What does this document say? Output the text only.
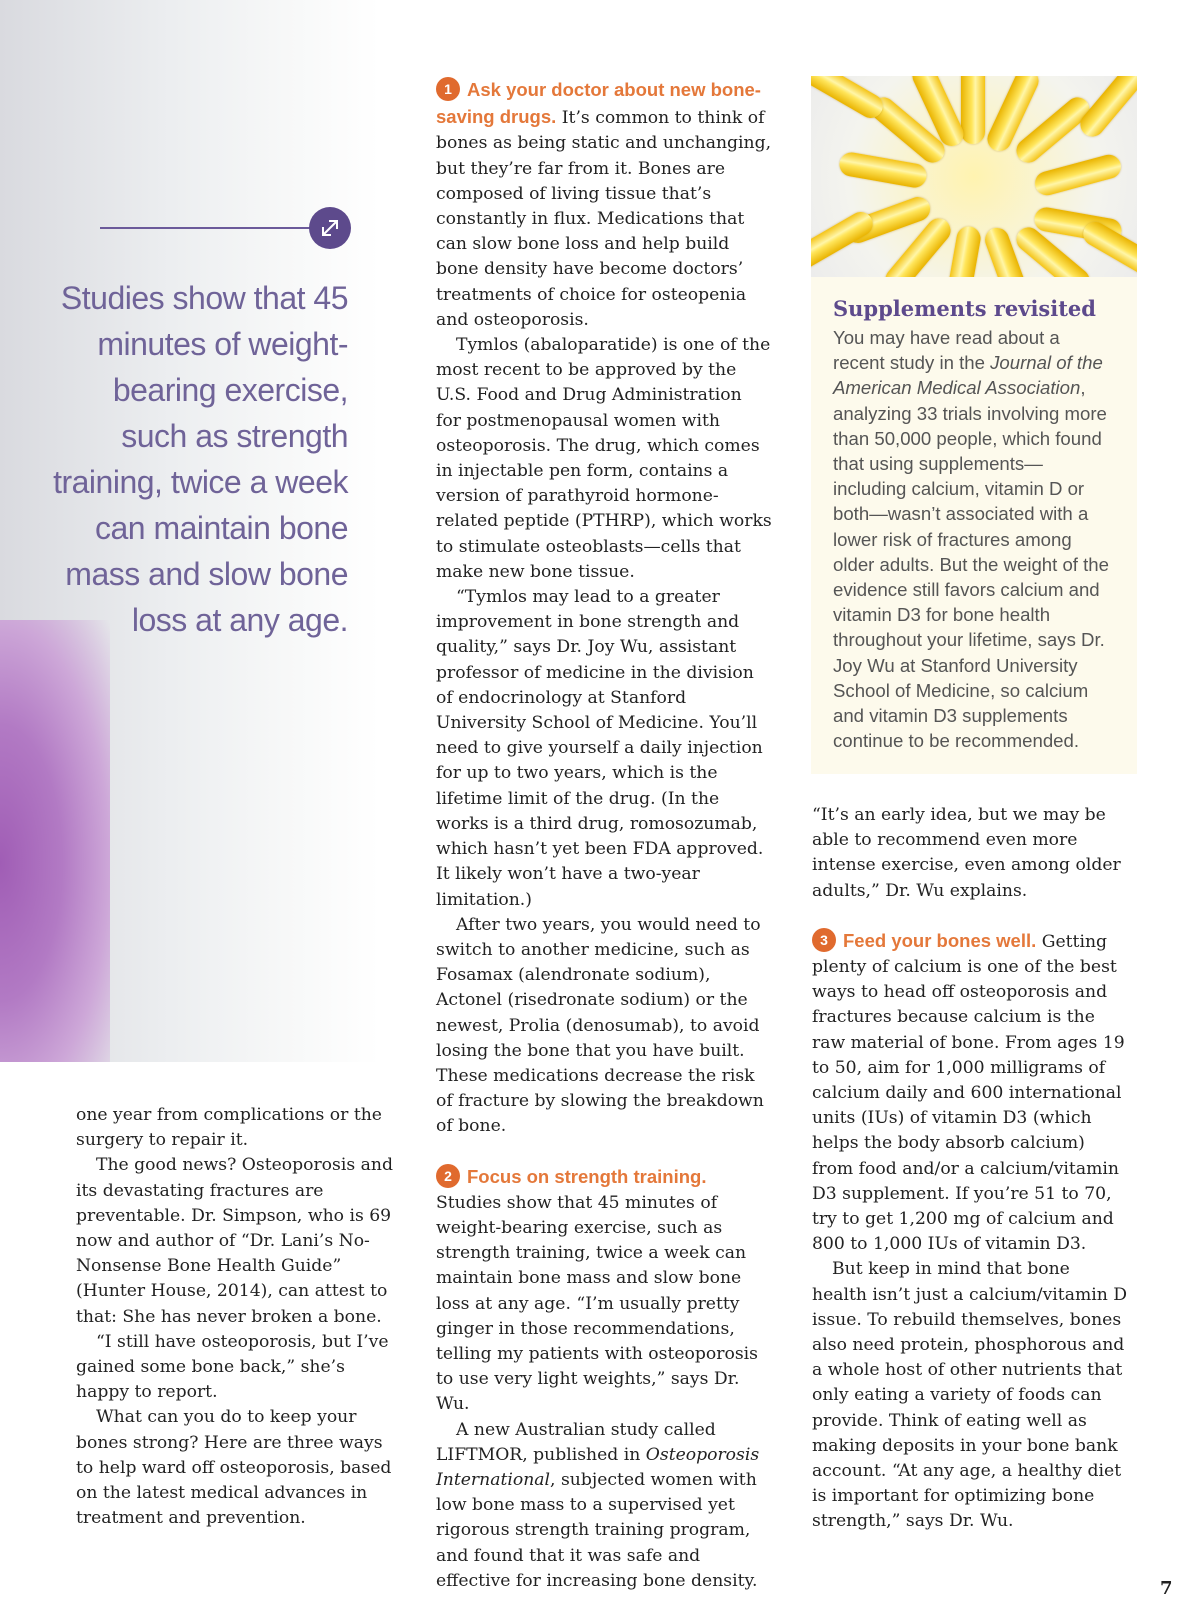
Studies show that 45 minutes of weight-bearing exercise, such as strength training, twice a week can maintain bone mass and slow bone loss at any age.

one year from complications or the surgery to repair it.

The good news? Osteoporosis and its devastating fractures are preventable. Dr. Simpson, who is 69 now and author of “Dr. Lani’s No-Nonsense Bone Health Guide” (Hunter House, 2014), can attest to that: She has never broken a bone.

“I still have osteoporosis, but I’ve gained some bone back,” she’s happy to report.

What can you do to keep your bones strong? Here are three ways to help ward off osteoporosis, based on the latest medical advances in treatment and prevention.

1 Ask your doctor about new bone-saving drugs. It’s common to think of bones as being static and unchanging, but they’re far from it. Bones are composed of living tissue that’s constantly in flux. Medications that can slow bone loss and help build bone density have become doctors’ treatments of choice for osteopenia and osteoporosis.

Tymlos (abaloparatide) is one of the most recent to be approved by the U.S. Food and Drug Administration for postmenopausal women with osteoporosis. The drug, which comes in injectable pen form, contains a version of parathyroid hormone-related peptide (PTHRP), which works to stimulate osteoblasts—cells that make new bone tissue.

“Tymlos may lead to a greater improvement in bone strength and quality,” says Dr. Joy Wu, assistant professor of medicine in the division of endocrinology at Stanford University School of Medicine. You’ll need to give yourself a daily injection for up to two years, which is the lifetime limit of the drug. (In the works is a third drug, romosozumab, which hasn’t yet been FDA approved. It likely won’t have a two-year limitation.)

After two years, you would need to switch to another medicine, such as Fosamax (alendronate sodium), Actonel (risedronate sodium) or the newest, Prolia (denosumab), to avoid losing the bone that you have built. These medications decrease the risk of fracture by slowing the breakdown of bone.

2 Focus on strength training.

Studies show that 45 minutes of weight-bearing exercise, such as strength training, twice a week can maintain bone mass and slow bone loss at any age. “I’m usually pretty ginger in those recommendations, telling my patients with osteoporosis to use very light weights,” says Dr. Wu.

A new Australian study called LIFTMOR, published in Osteoporosis International, subjected women with low bone mass to a supervised yet rigorous strength training program, and found that it was safe and effective for increasing bone density.

Supplements revisited
You may have read about a recent study in the Journal of the American Medical Association, analyzing 33 trials involving more than 50,000 people, which found that using supplements—including calcium, vitamin D or both—wasn’t associated with a lower risk of fractures among older adults. But the weight of the evidence still favors calcium and vitamin D3 for bone health throughout your lifetime, says Dr. Joy Wu at Stanford University School of Medicine, so calcium and vitamin D3 supplements continue to be recommended.

“It’s an early idea, but we may be able to recommend even more intense exercise, even among older adults,” Dr. Wu explains.

3 Feed your bones well. Getting plenty of calcium is one of the best ways to head off osteoporosis and fractures because calcium is the raw material of bone. From ages 19 to 50, aim for 1,000 milligrams of calcium daily and 600 international units (IUs) of vitamin D3 (which helps the body absorb calcium) from food and/or a calcium/vitamin D3 supplement. If you’re 51 to 70, try to get 1,200 mg of calcium and 800 to 1,000 IUs of vitamin D3.

But keep in mind that bone health isn’t just a calcium/vitamin D issue. To rebuild themselves, bones also need protein, phosphorous and a whole host of other nutrients that only eating a variety of foods can provide. Think of eating well as making deposits in your bone bank account. “At any age, a healthy diet is important for optimizing bone strength,” says Dr. Wu.

7
